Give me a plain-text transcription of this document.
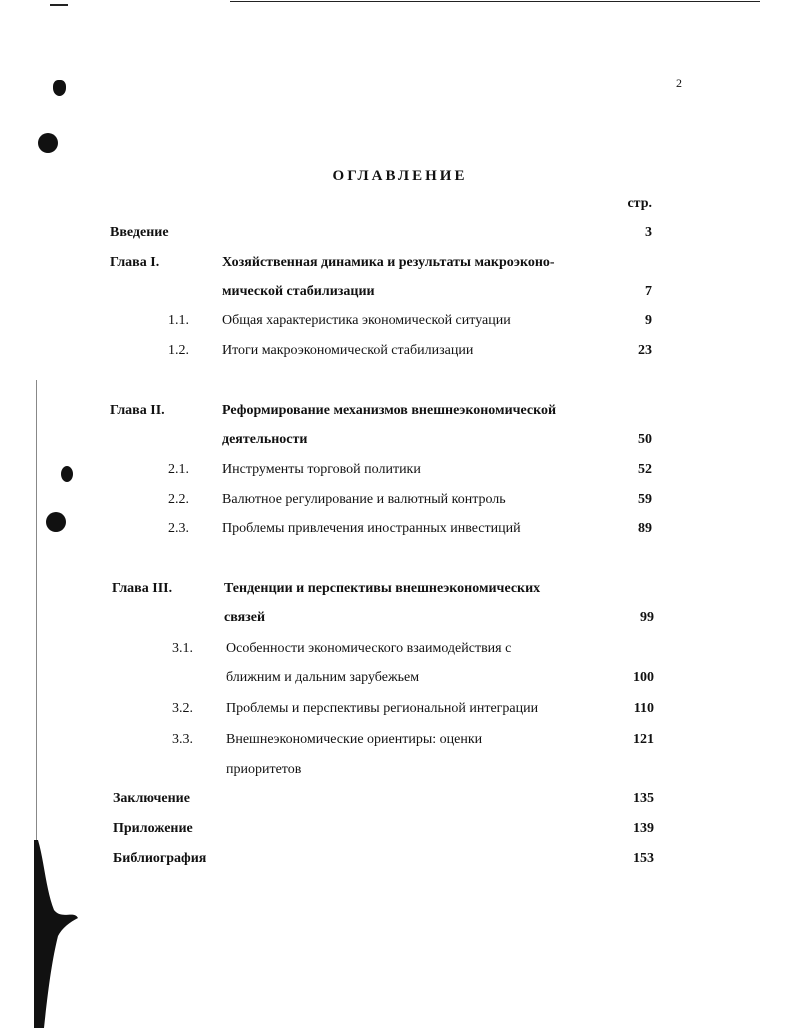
2
ОГЛАВЛЕНИЕ
стр.
Введение	3
Глава I.	Хозяйственная динамика и результаты макроэконо-
мической стабилизации	7
1.1. Общая характеристика экономической ситуации	9
1.2. Итоги макроэкономической стабилизации	23
Глава II.	Реформирование механизмов внешнеэкономической
деятельности	50
2.1. Инструменты торговой политики	52
2.2. Валютное регулирование и валютный контроль	59
2.3. Проблемы привлечения иностранных инвестиций	89
Глава III.	Тенденции и перспективы внешнеэкономических
связей	99
3.1. Особенности экономического взаимодействия с
ближним и дальним зарубежьем	100
3.2. Проблемы и перспективы региональной интеграции	110
3.3. Внешнеэкономические ориентиры: оценки	121
приоритетов
Заключение	135
Приложение	139
Библиография	153
